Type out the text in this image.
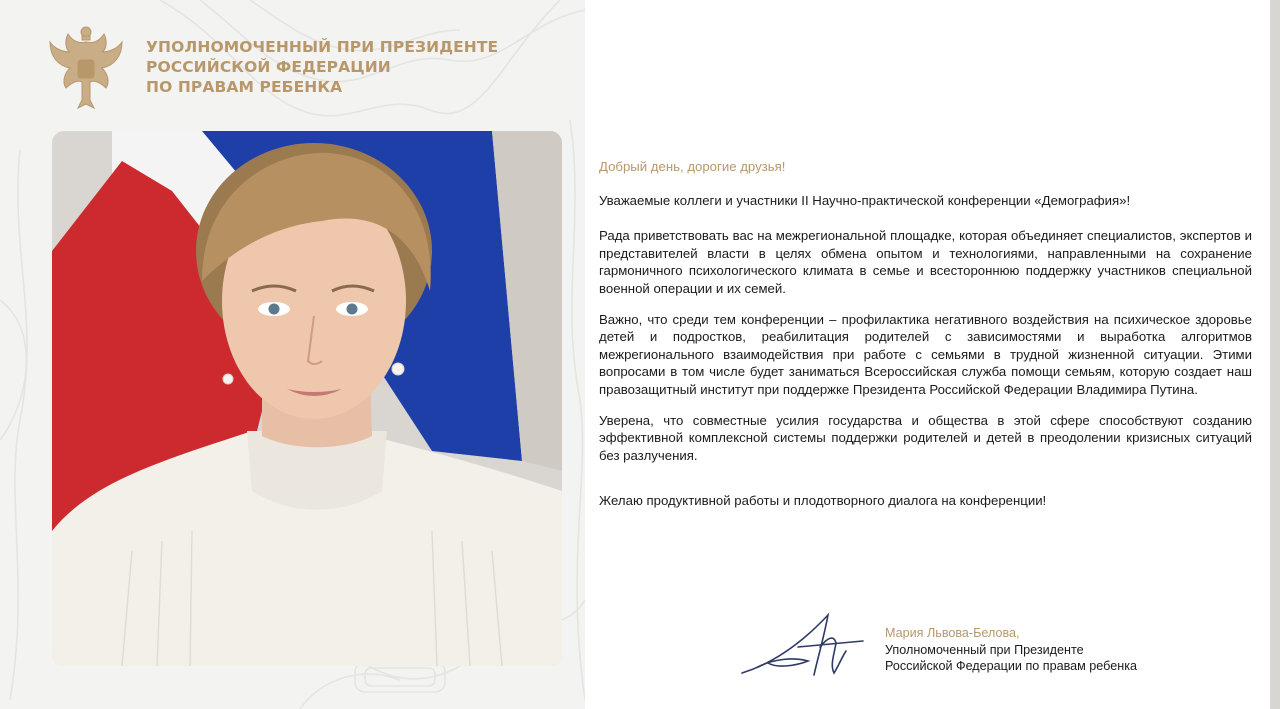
УПОЛНОМОЧЕННЫЙ ПРИ ПРЕЗИДЕНТЕ
РОССИЙСКОЙ ФЕДЕРАЦИИ
ПО ПРАВАМ РЕБЕНКА
Добрый день, дорогие друзья!

Уважаемые коллеги и участники II Научно-практической конференции «Демография»!

Рада приветствовать вас на межрегиональной площадке, которая объединяет специалистов, экспертов и представителей власти в целях обмена опытом и технологиями, направленными на сохранение гармоничного психологического климата в семье и всестороннюю поддержку участников специальной военной операции и их семей.

Важно, что среди тем конференции – профилактика негативного воздействия на психическое здоровье детей и подростков, реабилитация родителей с зависимостями и выработка алгоритмов межрегионального взаимодействия при работе с семьями в трудной жизненной ситуации. Этими вопросами в том числе будет заниматься Всероссийская служба помощи семьям, которую создает наш правозащитный институт при поддержке Президента Российской Федерации Владимира Путина.

Уверена, что совместные усилия государства и общества в этой сфере способствуют созданию эффективной комплексной системы поддержки родителей и детей в преодолении кризисных ситуаций без разлучения.

Желаю продуктивной работы и плодотворного диалога на конференции!

Мария Львова-Белова,
Уполномоченный при Президенте
Российской Федерации по правам ребенка
